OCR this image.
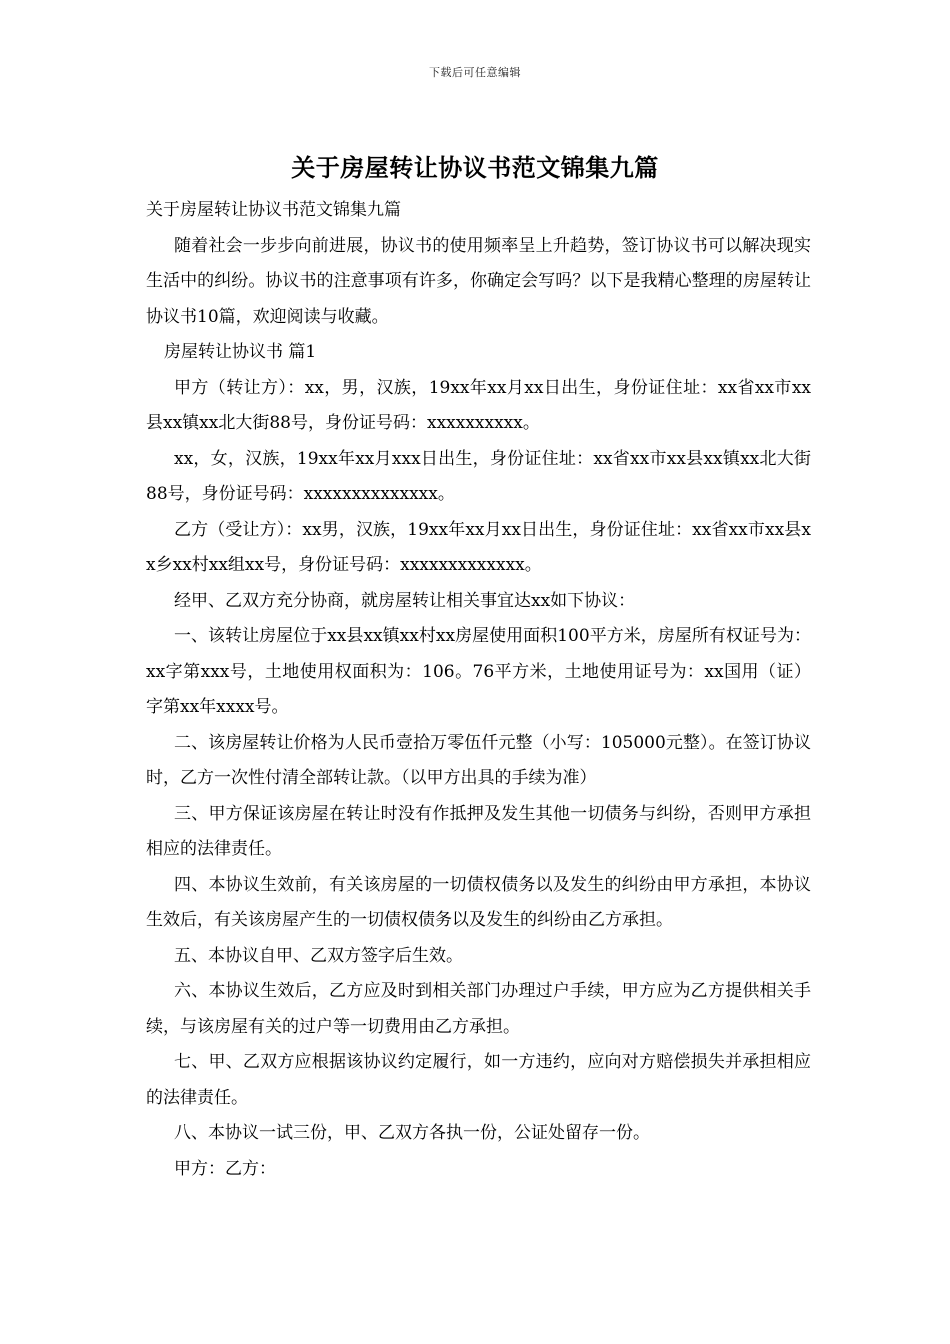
下载后可任意编辑
关于房屋转让协议书范文锦集九篇

关于房屋转让协议书范文锦集九篇

随着社会一步步向前进展，协议书的使用频率呈上升趋势，签订协议书可以解决现实生活中的纠纷。协议书的注意事项有许多，你确定会写吗？以下是我精心整理的房屋转让协议书10篇，欢迎阅读与收藏。

房屋转让协议书 篇1

甲方（转让方）：xx，男，汉族，19xx年xx月xx日出生，身份证住址：xx省xx市xx县xx镇xx北大街88号，身份证号码：xxxxxxxxxx。

xx，女，汉族，19xx年xx月xxx日出生，身份证住址：xx省xx市xx县xx镇xx北大街88号，身份证号码：xxxxxxxxxxxxxx。

乙方（受让方）：xx男，汉族，19xx年xx月xx日出生，身份证住址：xx省xx市xx县xx乡xx村xx组xx号，身份证号码：xxxxxxxxxxxxx。

经甲、乙双方充分协商，就房屋转让相关事宜达xx如下协议：

一、该转让房屋位于xx县xx镇xx村xx房屋使用面积100平方米，房屋所有权证号为：xx字第xxx号，土地使用权面积为：106。76平方米，土地使用证号为：xx国用（证）字第xx年xxxx号。

二、该房屋转让价格为人民币壹拾万零伍仟元整（小写：105000元整）。在签订协议时，乙方一次性付清全部转让款。（以甲方出具的手续为准）

三、甲方保证该房屋在转让时没有作抵押及发生其他一切债务与纠纷，否则甲方承担相应的法律责任。

四、本协议生效前，有关该房屋的一切债权债务以及发生的纠纷由甲方承担，本协议生效后，有关该房屋产生的一切债权债务以及发生的纠纷由乙方承担。

五、本协议自甲、乙双方签字后生效。

六、本协议生效后，乙方应及时到相关部门办理过户手续，甲方应为乙方提供相关手续，与该房屋有关的过户等一切费用由乙方承担。

七、甲、乙双方应根据该协议约定履行，如一方违约，应向对方赔偿损失并承担相应的法律责任。

八、本协议一试三份，甲、乙双方各执一份，公证处留存一份。

甲方：乙方：
